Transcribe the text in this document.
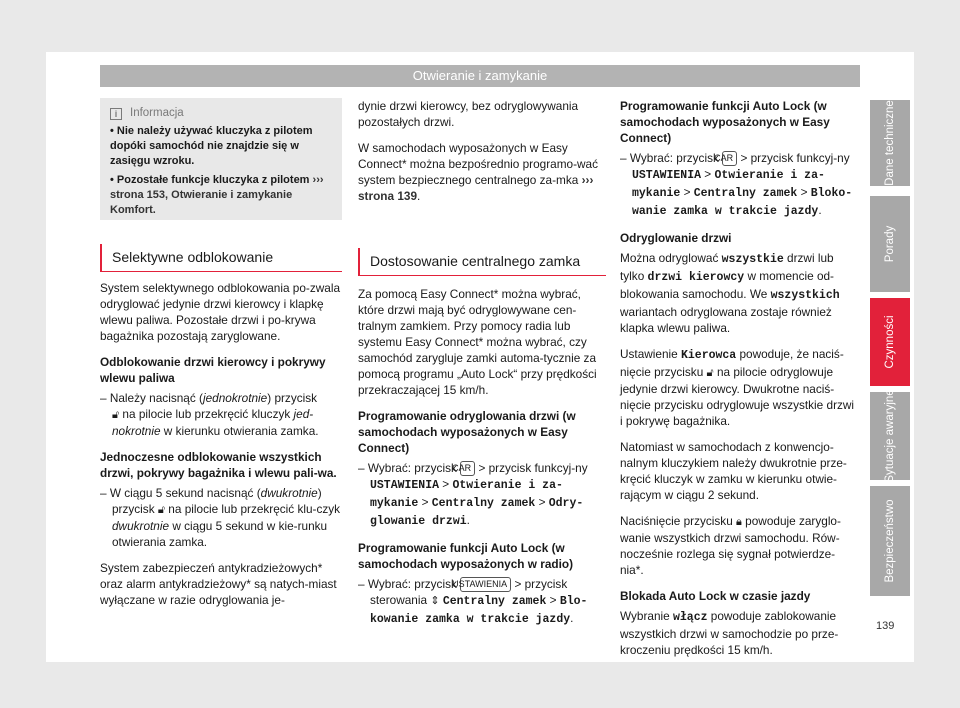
Otwieranie i zamykanie
i	Informacja
• Nie należy używać kluczyka z pilotem dopóki samochód nie znajdzie się w zasięgu wzroku.
• Pozostałe funkcje kluczyka z pilotem ››› strona 153, Otwieranie i zamykanie Komfort.
Selektywne odblokowanie

System selektywnego odblokowania po-zwala odryglować jedynie drzwi kierowcy i klapkę wlewu paliwa. Pozostałe drzwi i po-krywa bagażnika pozostają zaryglowane.

Odblokowanie drzwi kierowcy i pokrywy wlewu paliwa

– Należy nacisnąć (jednokrotnie) przycisk
🔓︎ na pilocie lub przekręcić kluczyk jed-nokrotnie w kierunku otwierania zamka.

Jednoczesne odblokowanie wszystkich drzwi, pokrywy bagażnika i wlewu pali-wa.

– W ciągu 5 sekund nacisnąć (dwukrotnie) przycisk 🔓︎ na pilocie lub przekręcić klu-czyk dwukrotnie w ciągu 5 sekund w kie-runku otwierania zamka.

System zabezpieczeń antykradzieżowych* oraz alarm antykradzieżowy* są natych-miast wyłączane w razie odryglowania je-

dynie drzwi kierowcy, bez odryglowywania pozostałych drzwi.

W samochodach wyposażonych w Easy Connect* można bezpośrednio programo-wać system bezpiecznego centralnego za-mka ››› strona 139.

Dostosowanie centralnego zamka

Za pomocą Easy Connect* można wybrać, które drzwi mają być odryglowywane cen-tralnym zamkiem. Przy pomocy radia lub systemu Easy Connect* można wybrać, czy samochód zarygluje zamki automa-tycznie za pomocą programu „Auto Lock“ przy prędkości przekraczającej 15 km/h.

Programowanie odryglowania drzwi (w samochodach wyposażonych w Easy Connect)

– Wybrać: przycisk CAR > przycisk funkcyj-ny USTAWIENIA > Otwieranie i za-mykanie > Centralny zamek > Odry-glowanie drzwi.

Programowanie funkcji Auto Lock (w samochodach wyposażonych w radio)

– Wybrać: przycisk USTAWIENIA > przycisk sterowania ⇕ Centralny zamek > Blo-kowanie zamka w trakcie jazdy.

Programowanie funkcji Auto Lock (w samochodach wyposażonych w Easy Connect)

– Wybrać: przycisk CAR > przycisk funkcyj-ny USTAWIENIA > Otwieranie i za-mykanie > Centralny zamek > Bloko-wanie zamka w trakcie jazdy.

Odryglowanie drzwi

Można odryglować wszystkie drzwi lub tylko drzwi kierowcy w momencie od-blokowania samochodu. We wszystkich wariantach odryglowana zostaje również klapka wlewu paliwa.

Ustawienie Kierowca powoduje, że naciś-nięcie przycisku 🔓︎ na pilocie odryglowuje jedynie drzwi kierowcy. Dwukrotne naciś-nięcie przycisku odryglowuje wszystkie drzwi i pokrywę bagażnika.

Natomiast w samochodach z konwencjo-nalnym kluczykiem należy dwukrotnie prze-kręcić kluczyk w zamku w kierunku otwie-rającym w ciągu 2 sekund.

Naciśnięcie przycisku 🔒︎ powoduje zaryglo-wanie wszystkich drzwi samochodu. Rów-nocześnie rozlega się sygnał potwierdze-nia*.

Blokada Auto Lock w czasie jazdy

Wybranie włącz powoduje zablokowanie wszystkich drzwi w samochodzie po prze-kroczeniu prędkości 15 km/h.

Dane techniczne
Porady
Czynności
Sytuacje awaryjne
Bezpieczeństwo
139
